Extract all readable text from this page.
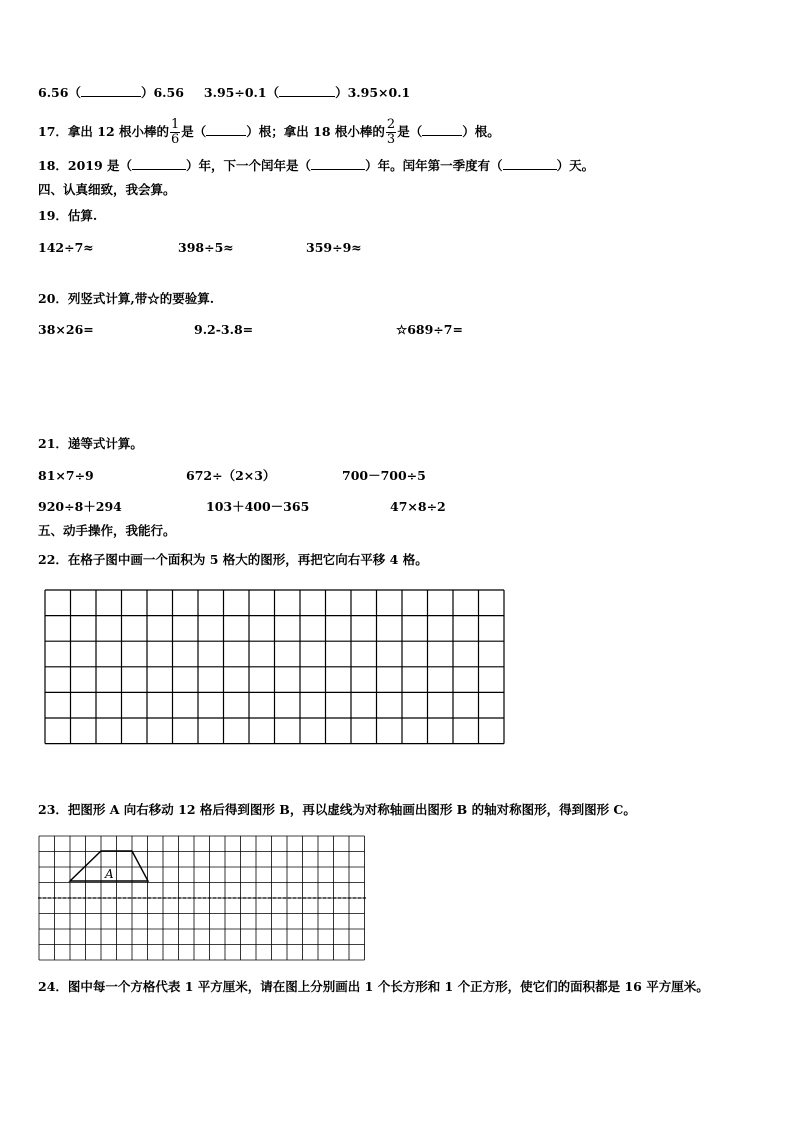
6.56（	）6.56 3.95÷0.1（	）3.95×0.1
17．拿出 12 根小棒的 $\frac{1}{6}$ 是（	）根；拿出 18 根小棒的 $\frac{2}{3}$ 是（	）根。
18．2019 是（	）年，下一个闰年是（	）年。闰年第一季度有（	）天。
四、认真细致，我会算。
19．估算.
142÷7≈	398÷5≈	359÷9≈
20．列竖式计算,带☆的要验算.
38×26=	9.2-3.8=	☆689÷7=
21．递等式计算。
81×7÷9	672÷（2×3）	700－700÷5
920÷8＋294	103＋400－365	47×8÷2
五、动手操作，我能行。
22．在格子图中画一个面积为 5 格大的图形，再把它向右平移 4 格。
23．把图形 A 向右移动 12 格后得到图形 B，再以虚线为对称轴画出图形 B 的轴对称图形，得到图形 C。
A
24．图中每一个方格代表 1 平方厘米，请在图上分别画出 1 个长方形和 1 个正方形，使它们的面积都是 16 平方厘米。
